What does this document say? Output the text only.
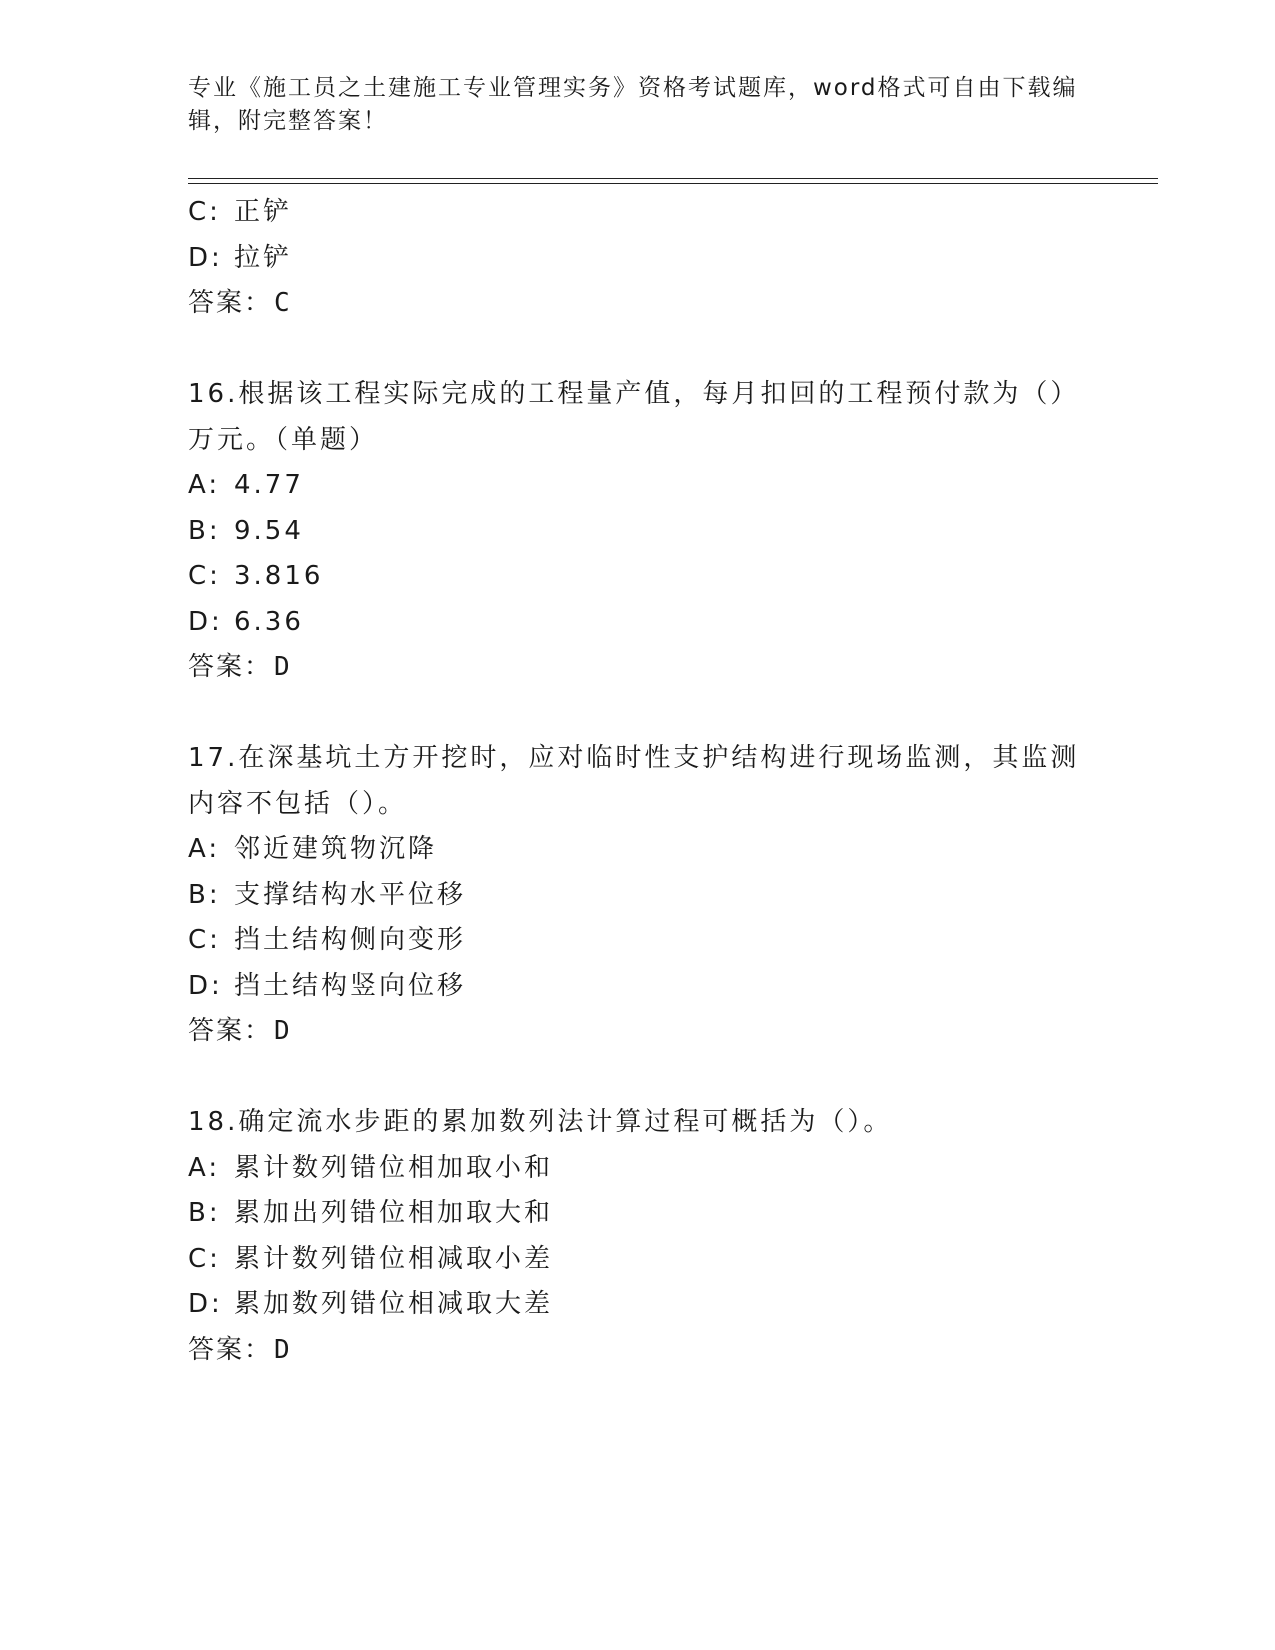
专业《施工员之土建施工专业管理实务》资格考试题库，word格式可自由下载编
辑，附完整答案！
C: 正铲
D: 拉铲
答案：C
16.根据该工程实际完成的工程量产值，每月扣回的工程预付款为（）
万元。（单题）
A: 4.77
B: 9.54
C: 3.816
D: 6.36
答案：D
17.在深基坑土方开挖时，应对临时性支护结构进行现场监测，其监测
内容不包括（）。
A: 邻近建筑物沉降
B: 支撑结构水平位移
C: 挡土结构侧向变形
D: 挡土结构竖向位移
答案：D
18.确定流水步距的累加数列法计算过程可概括为（）。
A: 累计数列错位相加取小和
B: 累加出列错位相加取大和
C: 累计数列错位相减取小差
D: 累加数列错位相减取大差
答案：D
